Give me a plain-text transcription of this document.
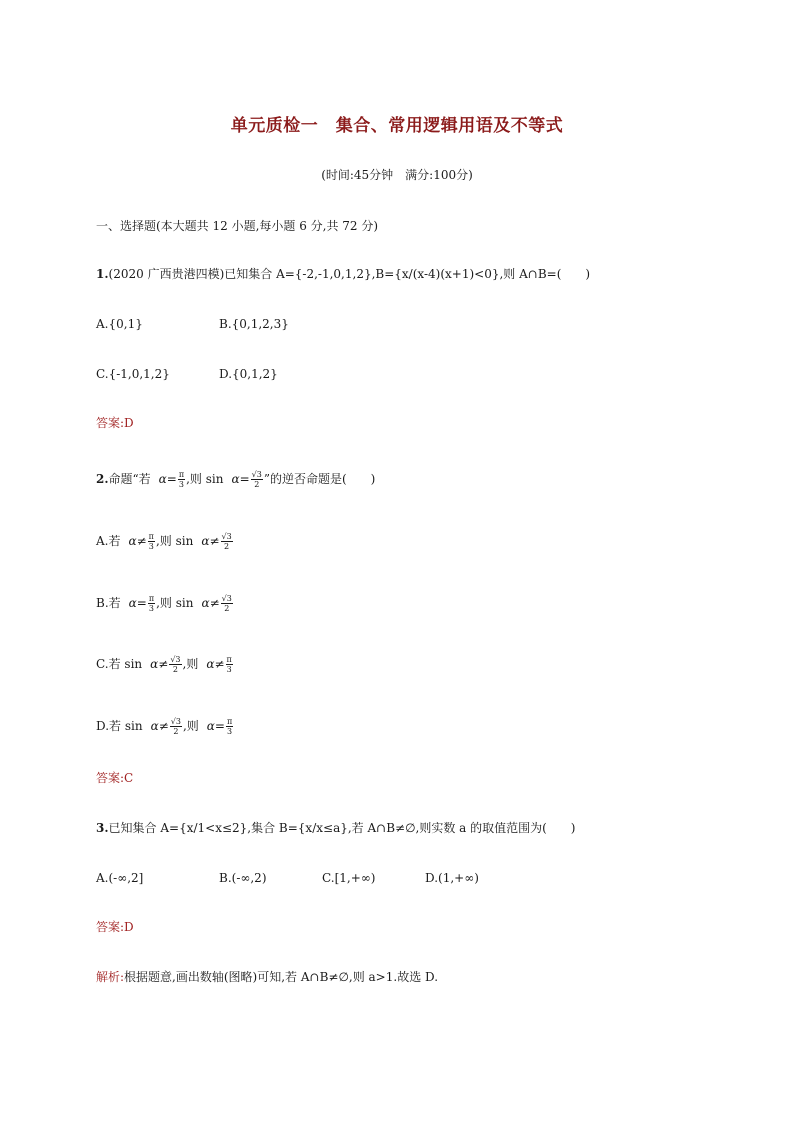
单元质检一　集合、常用逻辑用语及不等式
(时间:45分钟　满分:100分)
一、选择题(本大题共 12 小题,每小题 6 分,共 72 分)
1.(2020 广西贵港四模)已知集合 A={-2,-1,0,1,2},B={x/(x-4)(x+1)<0},则 A∩B=(　　)
A.{0,1}	B.{0,1,2,3}
C.{-1,0,1,2}	D.{0,1,2}
答案:D
2.命题“若 $\alpha= \frac{\pi}{3}$ ,则 $\sin \alpha= \frac{√3}{2}$ ”的逆否命题是(　　)
A.若 $\alpha\ne \frac{\pi}{3}$ ,则 $\sin \alpha\ne \frac{√3}{2}$
B.若 $\alpha= \frac{\pi}{3}$ ,则 $\sin \alpha\ne \frac{√3}{2}$
C.若 $\sin \alpha\ne \frac{√3}{2}$ ,则 $\alpha\ne \frac{\pi}{3}$
D.若 $\sin \alpha\ne \frac{√3}{2}$ ,则 $\alpha= \frac{\pi}{3}$
答案:C
3.已知集合 A={x/1<x≤2},集合 B={x/x≤a},若 A∩B≠∅,则实数 a 的取值范围为(　　)
A.(-∞,2]	B.(-∞,2)	C.[1,+∞)	D.(1,+∞)
答案:D
解析:根据题意,画出数轴(图略)可知,若 A∩B≠∅,则 a>1.故选 D.
